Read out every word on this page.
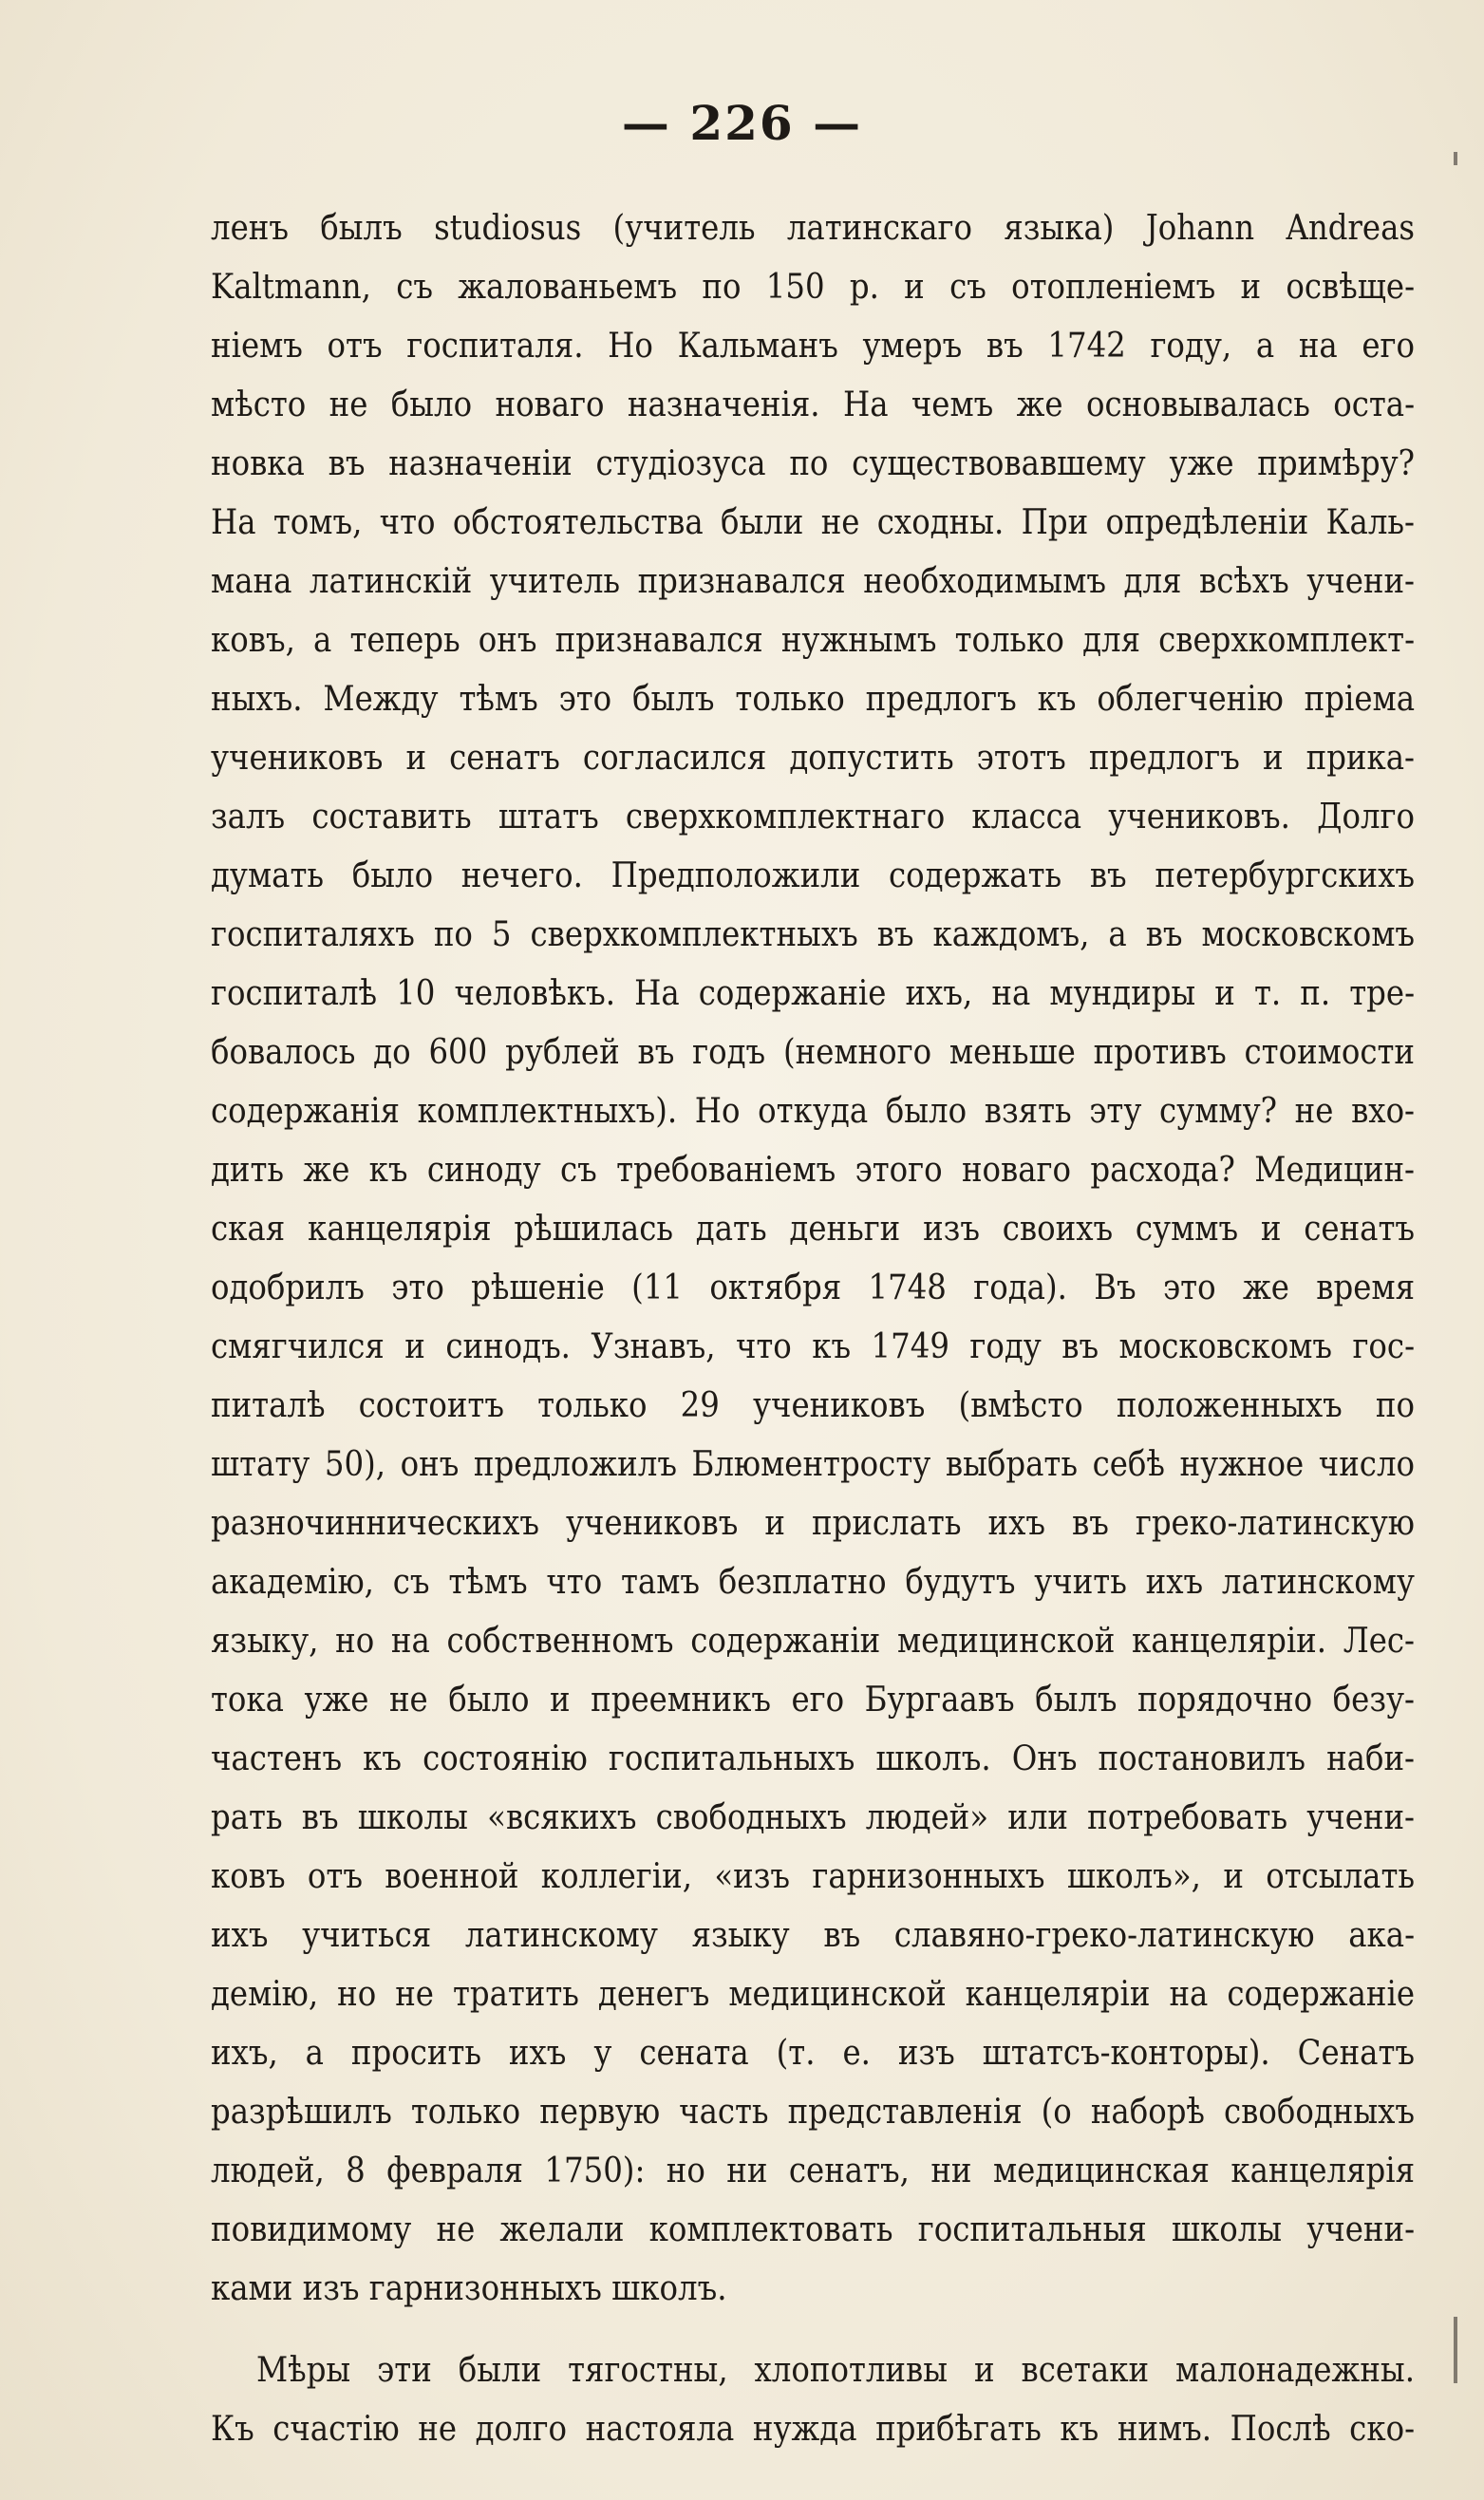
— 226 —
ленъ былъ studiosus (учитель латинскаго языка) Johann Andreas
Kaltmann, съ жалованьемъ по 150 р. и съ отопленіемъ и освѣще-
ніемъ отъ госпиталя. Но Кальманъ умеръ въ 1742 году, а на его
мѣсто не было новаго назначенія. На чемъ же основывалась оста-
новка въ назначеніи студіозуса по существовавшему уже примѣру?
На томъ, что обстоятельства были не сходны. При опредѣленіи Каль-
мана латинскій учитель признавался необходимымъ для всѣхъ учени-
ковъ, а теперь онъ признавался нужнымъ только для сверхкомплект-
ныхъ. Между тѣмъ это былъ только предлогъ къ облегченію пріема
учениковъ и сенатъ согласился допустить этотъ предлогъ и прика-
залъ составить штатъ сверхкомплектнаго класса учениковъ. Долго
думать было нечего. Предположили содержать въ петербургскихъ
госпиталяхъ по 5 сверхкомплектныхъ въ каждомъ, а въ московскомъ
госпиталѣ 10 человѣкъ. На содержаніе ихъ, на мундиры и т. п. тре-
бовалось до 600 рублей въ годъ (немного меньше противъ стоимости
содержанія комплектныхъ). Но откуда было взять эту сумму? не вхо-
дить же къ синоду съ требованіемъ этого новаго расхода? Медицин-
ская канцелярія рѣшилась дать деньги изъ своихъ суммъ и сенатъ
одобрилъ это рѣшеніе (11 октября 1748 года). Въ это же время
смягчился и синодъ. Узнавъ, что къ 1749 году въ московскомъ гос-
питалѣ состоитъ только 29 учениковъ (вмѣсто положенныхъ по
штату 50), онъ предложилъ Блюментросту выбрать себѣ нужное число
разночинническихъ учениковъ и прислать ихъ въ греко-латинскую
академію, съ тѣмъ что тамъ безплатно будутъ учить ихъ латинскому
языку, но на собственномъ содержаніи медицинской канцеляріи. Лес-
тока уже не было и преемникъ его Бургаавъ былъ порядочно безу-
частенъ къ состоянію госпитальныхъ школъ. Онъ постановилъ наби-
рать въ школы «всякихъ свободныхъ людей» или потребовать учени-
ковъ отъ военной коллегіи, «изъ гарнизонныхъ школъ», и отсылать
ихъ учиться латинскому языку въ славяно-греко-латинскую ака-
демію, но не тратить денегъ медицинской канцеляріи на содержаніе
ихъ, а просить ихъ у сената (т. е. изъ штатсъ-конторы). Сенатъ
разрѣшилъ только первую часть представленія (о наборѣ свободныхъ
людей, 8 февраля 1750): но ни сенатъ, ни медицинская канцелярія
повидимому не желали комплектовать госпитальныя школы учени-
ками изъ гарнизонныхъ школъ.
Мѣры эти были тягостны, хлопотливы и всетаки малонадежны.
Къ счастію не долго настояла нужда прибѣгать къ нимъ. Послѣ ско-
